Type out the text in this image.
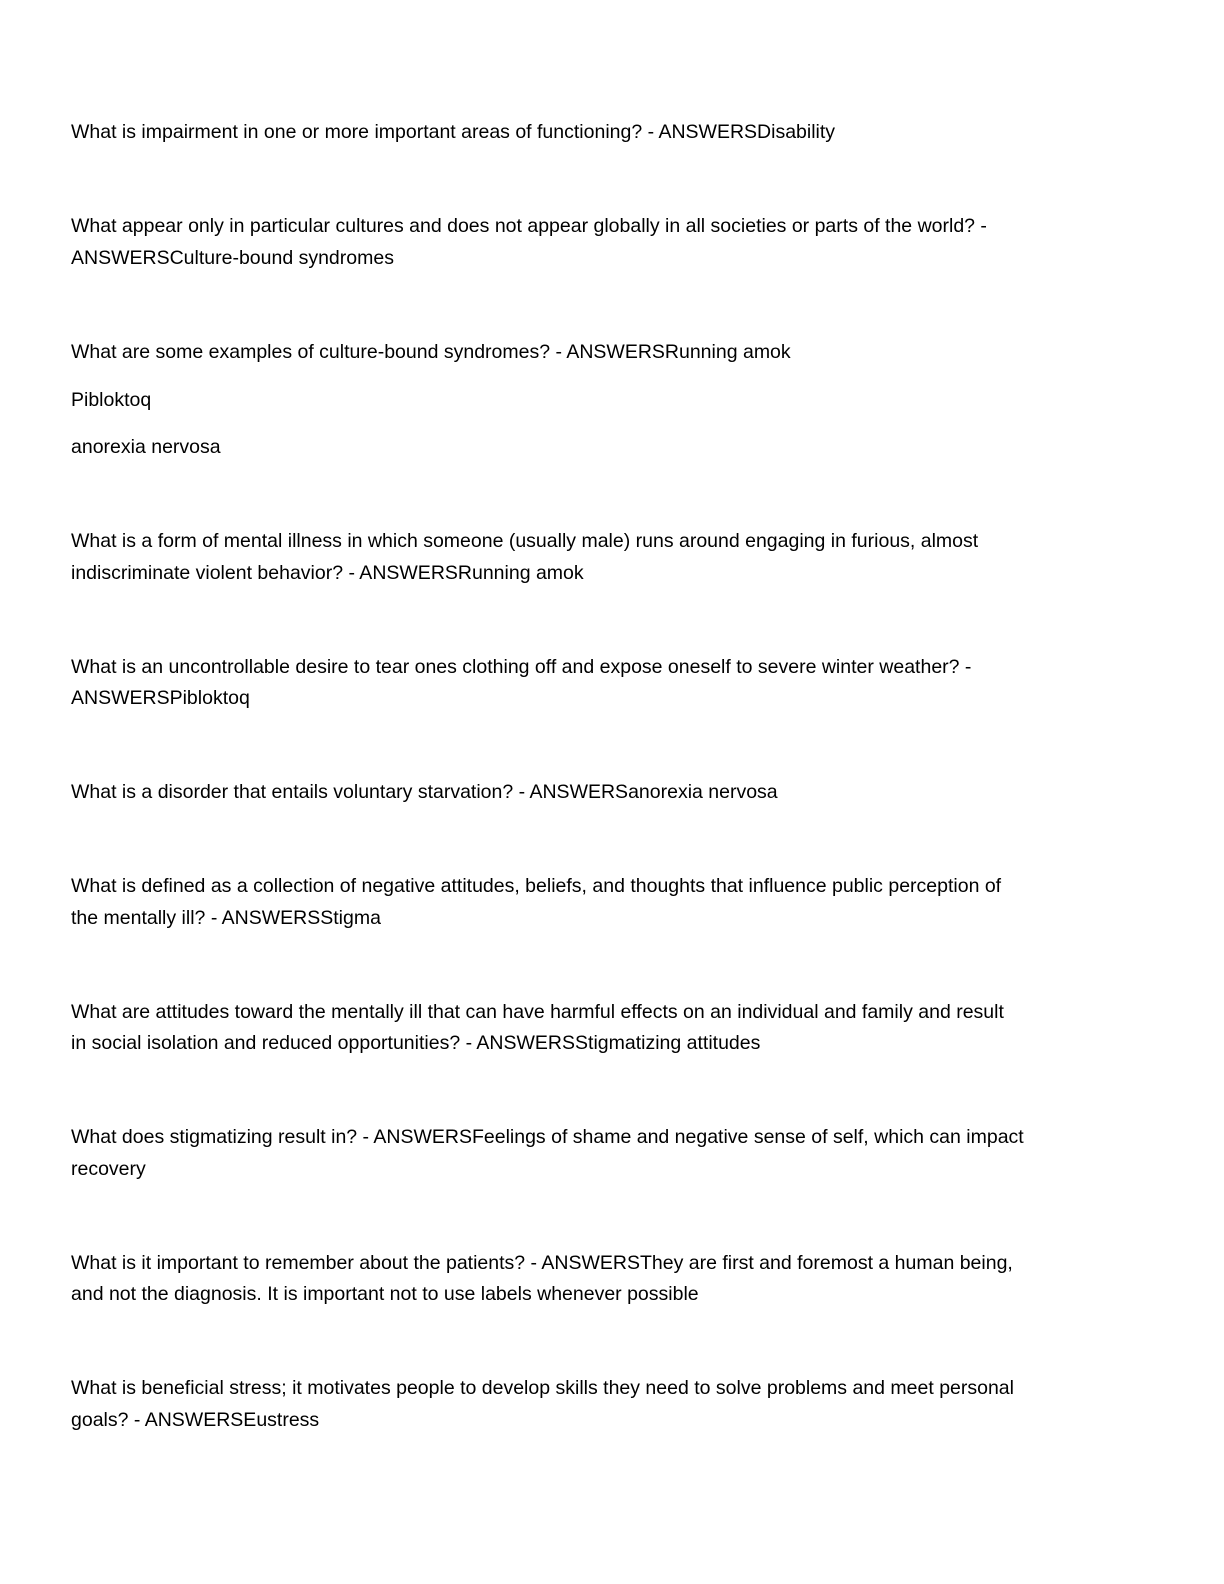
What is impairment in one or more important areas of functioning? - ANSWERSDisability

What appear only in particular cultures and does not appear globally in all societies or parts of the world? -

ANSWERSCulture-bound syndromes

What are some examples of culture-bound syndromes? - ANSWERSRunning amok

Pibloktoq

anorexia nervosa

What is a form of mental illness in which someone (usually male) runs around engaging in furious, almost

indiscriminate violent behavior? - ANSWERSRunning amok

What is an uncontrollable desire to tear ones clothing off and expose oneself to severe winter weather? -

ANSWERSPibloktoq

What is a disorder that entails voluntary starvation? - ANSWERSanorexia nervosa

What is defined as a collection of negative attitudes, beliefs, and thoughts that influence public perception of

the mentally ill? - ANSWERSStigma

What are attitudes toward the mentally ill that can have harmful effects on an individual and family and result

in social isolation and reduced opportunities? - ANSWERSStigmatizing attitudes

What does stigmatizing result in? - ANSWERSFeelings of shame and negative sense of self, which can impact

recovery

What is it important to remember about the patients? - ANSWERSThey are first and foremost a human being,

and not the diagnosis. It is important not to use labels whenever possible

What is beneficial stress; it motivates people to develop skills they need to solve problems and meet personal

goals? - ANSWERSEustress
